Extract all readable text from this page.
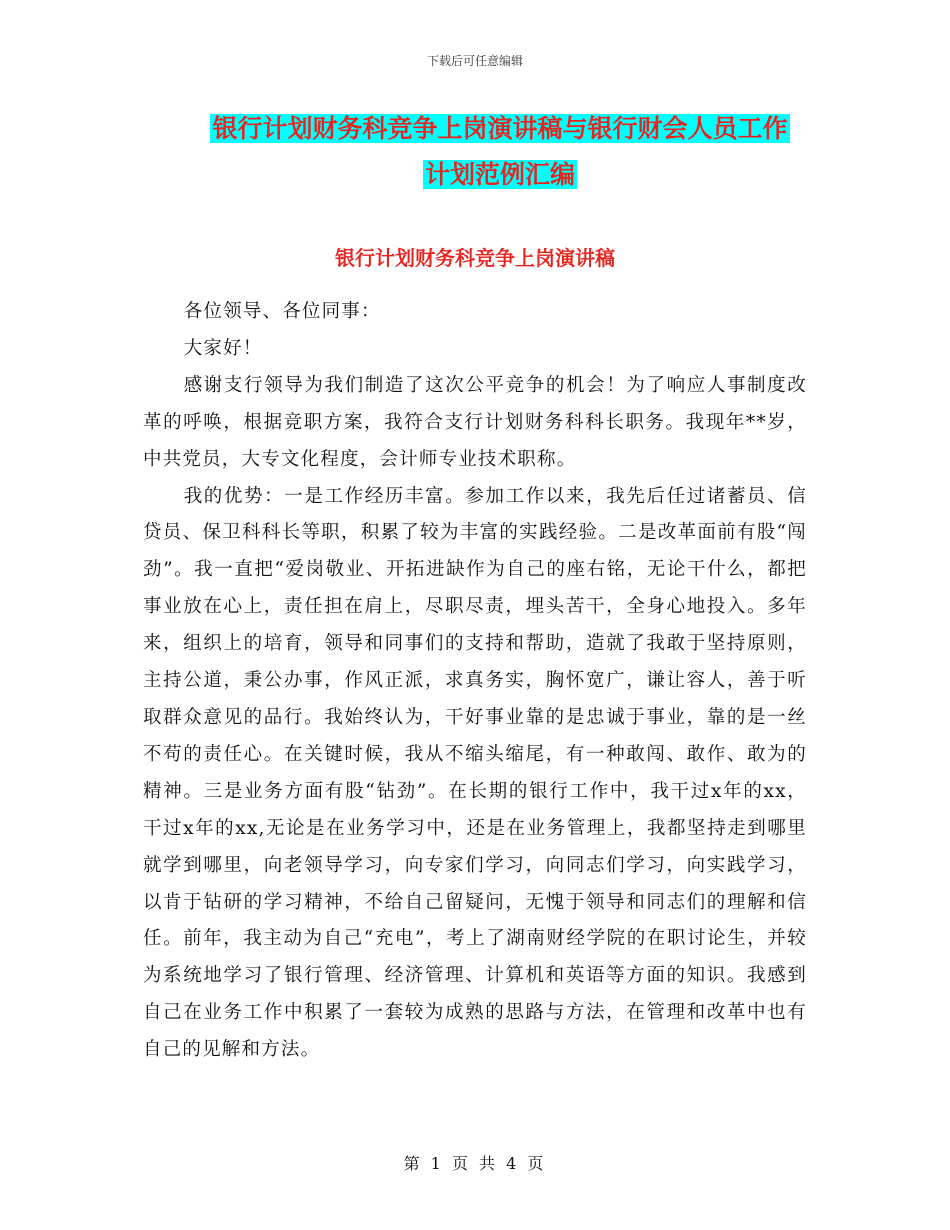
下载后可任意编辑
银行计划财务科竞争上岗演讲稿与银行财会人员工作
计划范例汇编
银行计划财务科竞争上岗演讲稿

各位领导、各位同事：

大家好！

感谢支行领导为我们制造了这次公平竞争的机会！为了响应人事制度改革的呼唤，根据竞职方案，我符合支行计划财务科科长职务。我现年**岁，中共党员，大专文化程度，会计师专业技术职称。

我的优势：一是工作经历丰富。参加工作以来，我先后任过诸蓄员、信贷员、保卫科科长等职，积累了较为丰富的实践经验。二是改革面前有股“闯劲”。我一直把“爱岗敬业、开拓进缺作为自己的座右铭，无论干什么，都把事业放在心上，责任担在肩上，尽职尽责，埋头苦干，全身心地投入。多年来，组织上的培育，领导和同事们的支持和帮助，造就了我敢于坚持原则，主持公道，秉公办事，作风正派，求真务实，胸怀宽广，谦让容人，善于听取群众意见的品行。我始终认为，干好事业靠的是忠诚于事业，靠的是一丝不苟的责任心。在关键时候，我从不缩头缩尾，有一种敢闯、敢作、敢为的精神。三是业务方面有股“钻劲”。在长期的银行工作中，我干过x年的xx，干过x年的xx,无论是在业务学习中，还是在业务管理上，我都坚持走到哪里就学到哪里，向老领导学习，向专家们学习，向同志们学习，向实践学习，以肯于钻研的学习精神，不给自己留疑问，无愧于领导和同志们的理解和信任。前年，我主动为自己“充电”，考上了湖南财经学院的在职讨论生，并较为系统地学习了银行管理、经济管理、计算机和英语等方面的知识。我感到自己在业务工作中积累了一套较为成熟的思路与方法，在管理和改革中也有自己的见解和方法。

第 1 页 共 4 页
